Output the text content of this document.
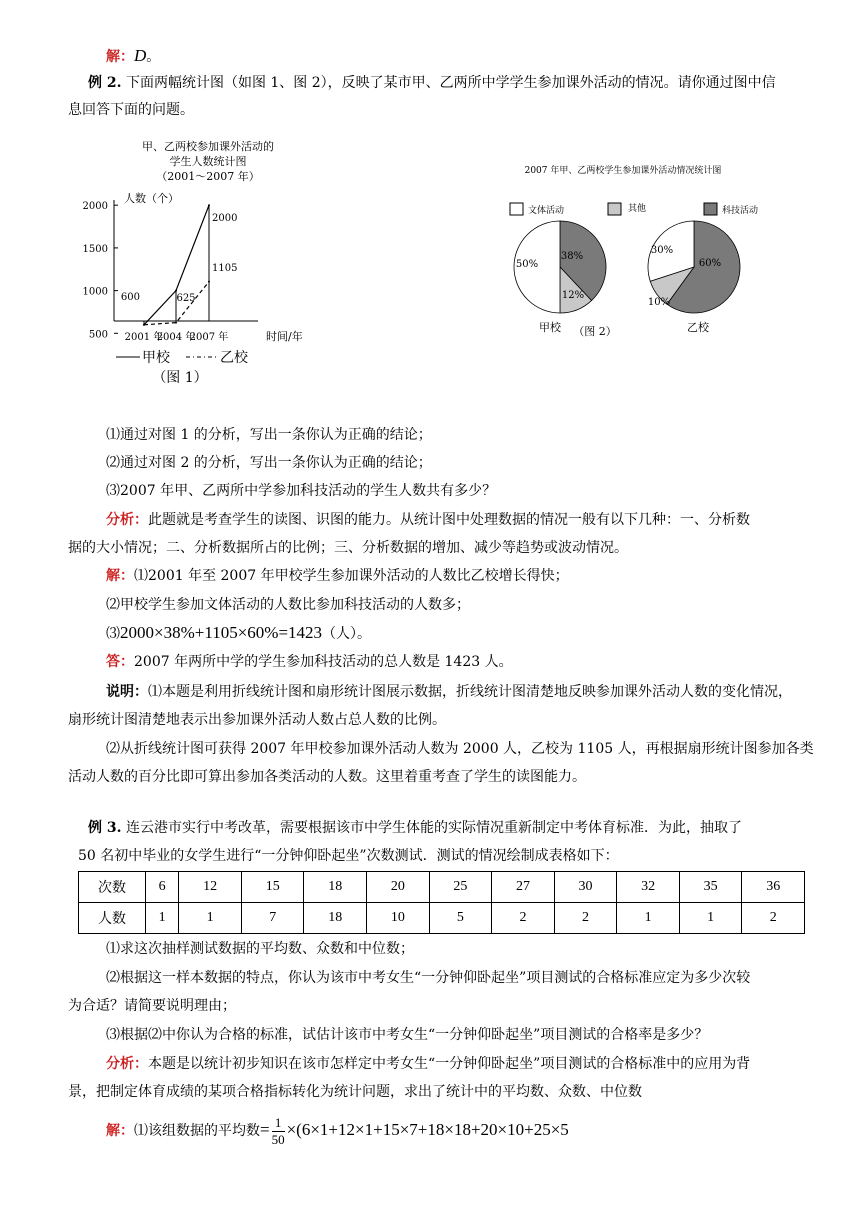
解：D。
例 2. 下面两幅统计图（如图 1、图 2），反映了某市甲、乙两所中学学生参加课外活动的情况。请你通过图中信
息回答下面的问题。
甲、乙两校参加课外活动的
学生人数统计图
（2001～2007 年）
人数（个）
2000
1500
1000
500 2001 年
2004 年
2007 年
600	625
1105
2000
时间/年
甲校	乙校
（图 1）
2007 年甲、乙两校学生参加课外活动情况统计图
文体活动	其他	科技活动
38%
12%
50%	60%
10%
30%
甲校 （图 2）	乙校
⑴通过对图 1 的分析，写出一条你认为正确的结论；
⑵通过对图 2 的分析，写出一条你认为正确的结论；
⑶2007 年甲、乙两所中学参加科技活动的学生人数共有多少？
分析：此题就是考查学生的读图、识图的能力。从统计图中处理数据的情况一般有以下几种：一、分析数
据的大小情况；二、分析数据所占的比例；三、分析数据的增加、减少等趋势或波动情况。
解：⑴2001 年至 2007 年甲校学生参加课外活动的人数比乙校增长得快；
⑵甲校学生参加文体活动的人数比参加科技活动的人数多；
⑶2000×38%+1105×60%=1423（人）。
答：2007 年两所中学的学生参加科技活动的总人数是 1423 人。
说明：⑴本题是利用折线统计图和扇形统计图展示数据，折线统计图清楚地反映参加课外活动人数的变化情况，
扇形统计图清楚地表示出参加课外活动人数占总人数的比例。
⑵从折线统计图可获得 2007 年甲校参加课外活动人数为 2000 人，乙校为 1105 人，再根据扇形统计图参加各类
活动人数的百分比即可算出参加各类活动的人数。这里着重考查了学生的读图能力。
例 3. 连云港市实行中考改革，需要根据该市中学生体能的实际情况重新制定中考体育标准．为此，抽取了
50 名初中毕业的女学生进行“一分钟仰卧起坐”次数测试．测试的情况绘制成表格如下：
次数	6	12	15	18	20	25	27	30	32	35	36
人数	1	1	7	18	10	5	2	2	1	1	2
⑴求这次抽样测试数据的平均数、众数和中位数；
⑵根据这一样本数据的特点，你认为该市中考女生“一分钟仰卧起坐”项目测试的合格标准应定为多少次较
为合适？请简要说明理由；
⑶根据⑵中你认为合格的标准，试估计该市中考女生“一分钟仰卧起坐”项目测试的合格率是多少？
分析：本题是以统计初步知识在该市怎样定中考女生“一分钟仰卧起坐”项目测试的合格标准中的应用为背
景，把制定体育成绩的某项合格指标转化为统计问题，求出了统计中的平均数、众数、中位数
解：⑴该组数据的平均数= $\frac{1}{50} \times(6\times 1+12\times 1+15\times 7+18\times 18+20\times 10+25\times 5$
